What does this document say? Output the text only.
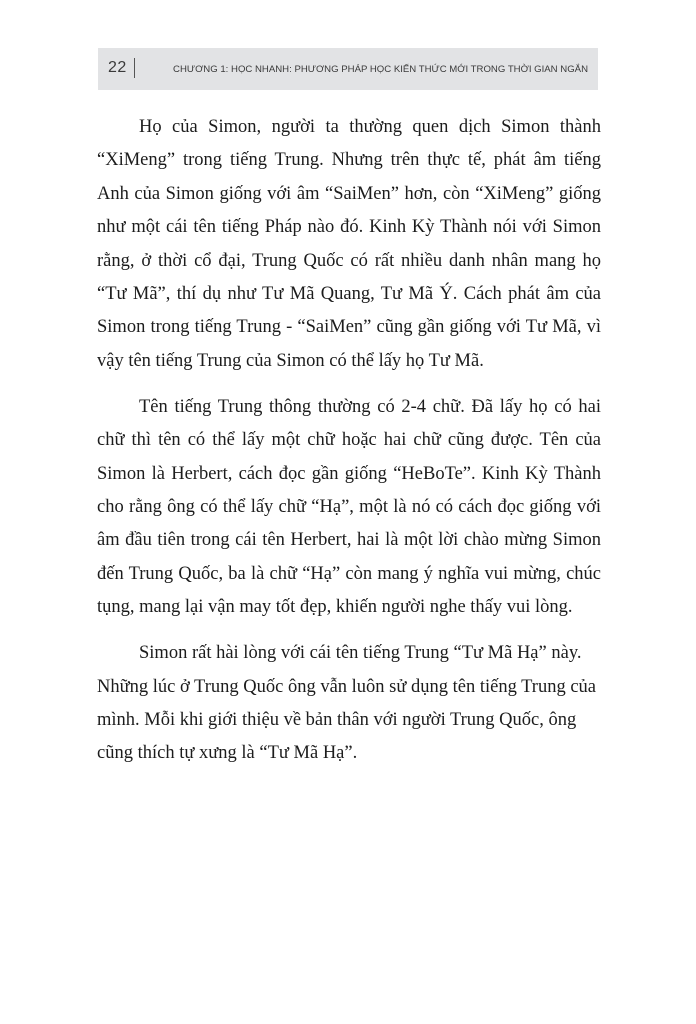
22	CHƯƠNG 1: HỌC NHANH: PHƯƠNG PHÁP HỌC KIẾN THỨC MỚI TRONG THỜI GIAN NGẮN

Họ của Simon, người ta thường quen dịch Simon thành “XiMeng” trong tiếng Trung. Nhưng trên thực tế, phát âm tiếng Anh của Simon giống với âm “SaiMen” hơn, còn “XiMeng” giống như một cái tên tiếng Pháp nào đó. Kinh Kỳ Thành nói với Simon rằng, ở thời cổ đại, Trung Quốc có rất nhiều danh nhân mang họ “Tư Mã”, thí dụ như Tư Mã Quang, Tư Mã Ý. Cách phát âm của Simon trong tiếng Trung - “SaiMen” cũng gần giống với Tư Mã, vì vậy tên tiếng Trung của Simon có thể lấy họ Tư Mã.

Tên tiếng Trung thông thường có 2-4 chữ. Đã lấy họ có hai chữ thì tên có thể lấy một chữ hoặc hai chữ cũng được. Tên của Simon là Herbert, cách đọc gần giống “HeBoTe”. Kinh Kỳ Thành cho rằng ông có thể lấy chữ “Hạ”, một là nó có cách đọc giống với âm đầu tiên trong cái tên Herbert, hai là một lời chào mừng Simon đến Trung Quốc, ba là chữ “Hạ” còn mang ý nghĩa vui mừng, chúc tụng, mang lại vận may tốt đẹp, khiến người nghe thấy vui lòng.

Simon rất hài lòng với cái tên tiếng Trung “Tư Mã Hạ” này. Những lúc ở Trung Quốc ông vẫn luôn sử dụng tên tiếng Trung của mình. Mỗi khi giới thiệu về bản thân với người Trung Quốc, ông cũng thích tự xưng là “Tư Mã Hạ”.
